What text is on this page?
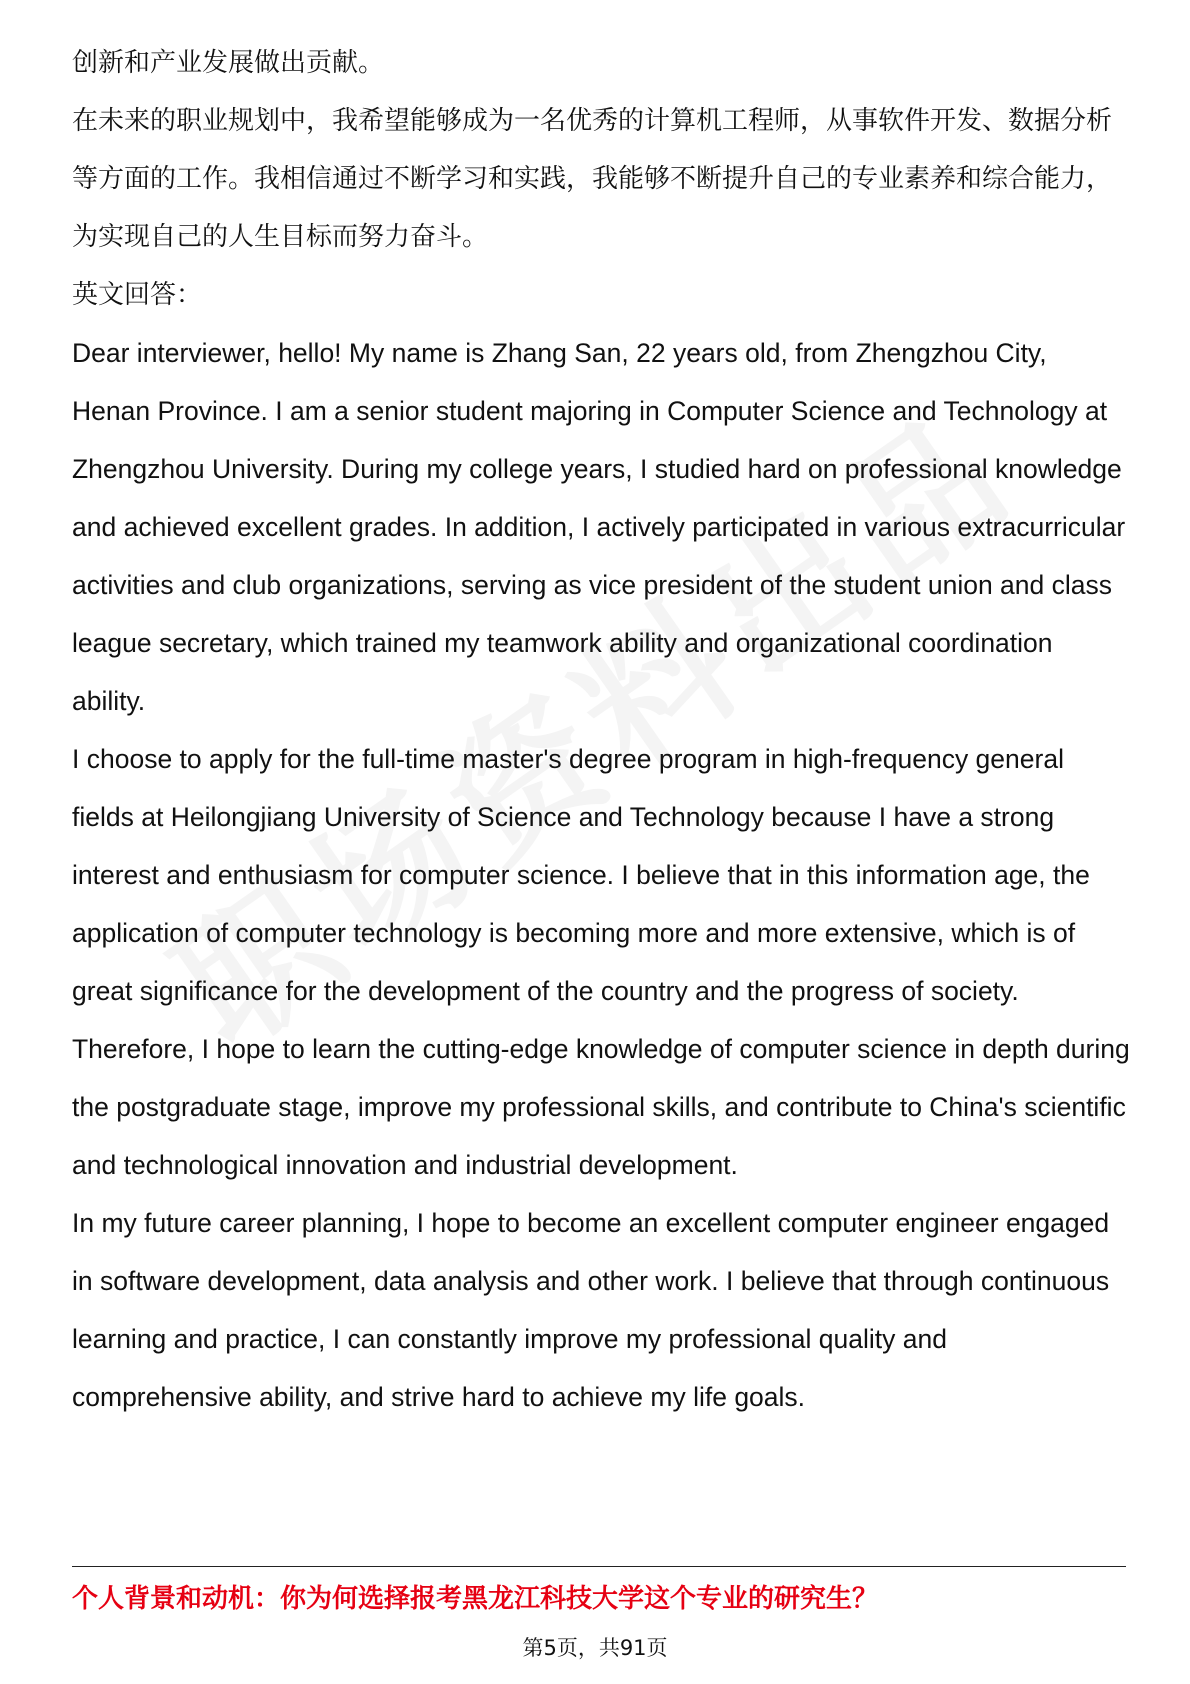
创新和产业发展做出贡献。

在未来的职业规划中，我希望能够成为一名优秀的计算机工程师，从事软件开发、数据分析等方面的工作。我相信通过不断学习和实践，我能够不断提升自己的专业素养和综合能力，为实现自己的人生目标而努力奋斗。

英文回答：

Dear interviewer, hello! My name is Zhang San, 22 years old, from Zhengzhou City, Henan Province. I am a senior student majoring in Computer Science and Technology at Zhengzhou University. During my college years, I studied hard on professional knowledge and achieved excellent grades. In addition, I actively participated in various extracurricular activities and club organizations, serving as vice president of the student union and class league secretary, which trained my teamwork ability and organizational coordination ability.

I choose to apply for the full-time master's degree program in high-frequency general fields at Heilongjiang University of Science and Technology because I have a strong interest and enthusiasm for computer science. I believe that in this information age, the application of computer technology is becoming more and more extensive, which is of great significance for the development of the country and the progress of society. Therefore, I hope to learn the cutting-edge knowledge of computer science in depth during the postgraduate stage, improve my professional skills, and contribute to China's scientific and technological innovation and industrial development.

In my future career planning, I hope to become an excellent computer engineer engaged in software development, data analysis and other work. I believe that through continuous learning and practice, I can constantly improve my professional quality and comprehensive ability, and strive hard to achieve my life goals.

个人背景和动机：你为何选择报考黑龙江科技大学这个专业的研究生？
第5页，共91页
